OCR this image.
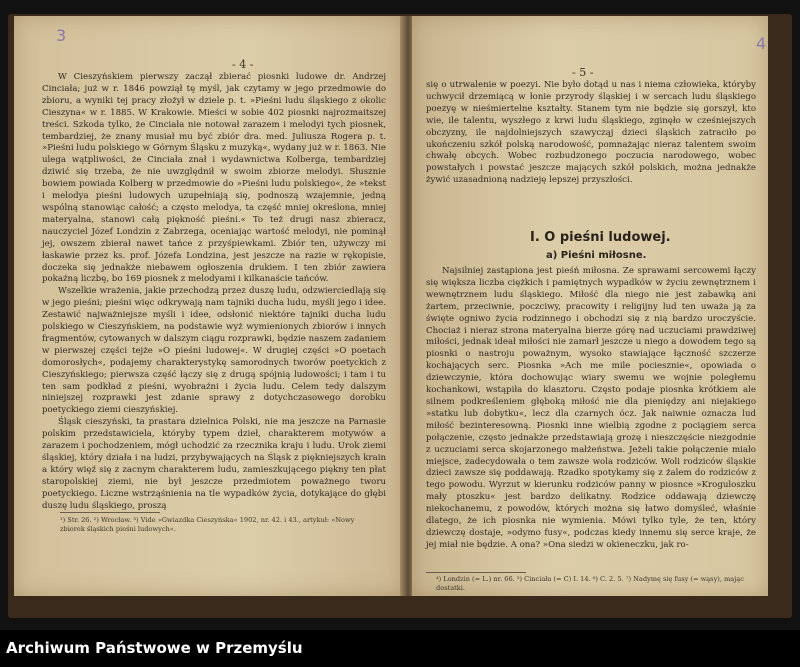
3
- 4 -

W Cieszyńskiem pierwszy zaczął zbierać piosnki ludowe dr. Andrzej Cinciała; już w r. 1846 powziął tę myśl, jak czytamy w jego przedmowie do zbioru, a wyniki tej pracy złożył w dziele p. t. »Pieśni ludu śląskiego z okolic Cieszyna« w r. 1885. W Krakowie. Mieści w sobie 402 piosnki najrozmaitszej treści. Szkoda tylko, że Cinciała nie notował zarazem i melodyi tych piosnek, tembardziej, że znany musiał mu być zbiór dra. med. Juliusza Rogera p. t. »Pieśni ludu polskiego w Górnym Śląsku z muzyką«, wydany już w r. 1863. Nie ulega wątpliwości, że Cinciała znał i wydawnictwa Kolberga, tembardziej dziwić się trzeba, że nie uwzględnił w swoim zbiorze melodyi. Słusznie bowiem powiada Kolberg w przedmowie do »Pieśni ludu polskiego«, że »tekst i melodya pieśni ludowych uzupełniają się, podnoszą wzajemnie, jedną wspólną stanowiąc całość; a często melodya, ta część mniej określona, mniej materyalna, stanowi całą piękność pieśni.« To też drugi nasz zbieracz, nauczyciel Józef Londzin z Zabrzega, oceniając wartość melodyi, nie pominął jej, owszem zbierał nawet tańce z przyśpiewkami. Zbiór ten, używczy mi łaskawie przez ks. prof. Józefa Londzina, jest jeszcze na razie w rękopisie, doczeka się jednakże niebawem ogłoszenia drukiem. I ten zbiór zawiera pokaźną liczbę, bo 169 piosnek z melodyami i kilkanaście tańców.

Wszelkie wrażenia, jakie przechodzą przez duszę ludu, odzwierciedlają się w jego pieśni; pieśni więc odkrywają nam tajniki ducha ludu, myśli jego i idee. Zestawić najważniejsze myśli i idee, odsłonić niektóre tajniki ducha ludu polskiego w Cieszyńskiem, na podstawie wyż wymienionych zbiorów i innych fragmentów, cytowanych w dalszym ciągu rozprawki, będzie naszem zadaniem w pierwszej części tejże »O pieśni ludowej«. W drugiej części »O poetach domorosłych«, podajemy charakterystykę samorodnych tworów poetyckich z Cieszyńskiego; pierwsza część łączy się z drugą spójnią ludowości; i tam i tu ten sam podkład z pieśni, wyobraźni i życia ludu. Celem tedy dalszym niniejszej rozprawki jest zdanie sprawy z dotychczasowego dorobku poetyckiego ziemi cieszyńskiej.

Śląsk cieszyński, ta prastara dzielnica Polski, nie ma jeszcze na Parnasie polskim przedstawiciela, któryby typem dzieł, charakterem motywów a zarazem i pochodzeniem, mógł uchodzić za rzecznika kraju i ludu. Urok ziemi śląskiej, który działa i na ludzi, przybywających na Śląsk z piękniejszych krain a który więź się z zacnym charakterem ludu, zamieszkującego piękny ten płat staropolskiej ziemi, nie był jeszcze przedmiotem poważnego tworu poetyckiego. Liczne wstrząśnienia na tle wypadków życia, dotykające do głębi duszę ludu śląskiego, proszą

¹) Str. 26. ²) Wrocław. ³) Vide »Gwiazdka Cieszyńska« 1902, nr. 42. i 43., artykuł: »Nowy zbiorek śląskich pieśni ludowych«.
4
- 5 -
się o utrwalenie w poezyi. Nie było dotąd u nas i niema człowieka, któryby uchwycił drzemiącą w łonie przyrody śląskiej i w sercach ludu śląskiego poezyę w nieśmiertelne kształty. Stanem tym nie będzie się gorszył, kto wie, ile talentu, wyszłego z krwi ludu śląskiego, zginęło w cześniejszych obczyzny, ile najdolniejszych szawycząj dzieci śląskich zatraciło po ukończeniu szkół polską narodowość, pomnażając nieraz talentem swoim chwałę obcych. Wobec rozbudzonego poczucia narodowego, wobec powstałych i powstać jeszcze mających szkół polskich, można jednakże żywić uzasadnioną nadzieję lepszej przyszłości.
I. O pieśni ludowej.
a) Pieśni miłosne.

Najsilniej zastąpiona jest pieśń miłosna. Ze sprawami sercowemi łączy się większa liczba ciężkich i pamiętnych wypadków w życiu zewnętrznem i wewnętrznem ludu śląskiego. Miłość dla niego nie jest zabawką ani żartem, przeciwnie, poczciwy, pracowity i religijny lud ten uważa ją za święte ogniwo życia rodzinnego i obchodzi się z nią bardzo uroczyście. Chociaż i nieraz strona materyalna bierze górę nad uczuciami prawdziwej miłości, jednak ideał miłości nie zamarł jeszcze u niego a dowodem tego są piosnki o nastroju poważnym, wysoko stawiające łączność szczerze kochających serc. Piosnka »Ach me mile pociesznie«, opowiada o dziewczynie, która dochowując wiary swemu we wojnie poległemu kochankowi, wstąpiła do klasztoru. Często podaje piosnka krótkiem ale silnem podkreśleniem głęboką miłość nie dla pieniędzy ani niejakiego »statku lub dobytku«, lecz dla czarnych ócz. Jak naiwnie oznacza lud miłość bezinteresowną. Piosnki inne wielbią zgodne z pociągiem serca połączenie, często jednakże przedstawiają grozę i nieszczęście niezgodnie z uczuciami serca skojarzonego małżeństwa. Jeżeli takie połączenie miało miejsce, zadecydowała o tem zawsze wola rodziców. Woli rodziców śląskie dzieci zawsze się poddawają. Rzadko spotykamy się z żalem do rodziców z tego powodu. Wyrzut w kierunku rodziców panny w piosnce »Kroguloszku mały ptoszku« jest bardzo delikatny. Rodzice oddawają dziewczę niekochanemu, z powodów, których można się łatwo domyśleć, właśnie dlatego, że ich piosnka nie wymienia. Mówi tylko tyle, że ten, który dziewczę dostaje, »odymo fusy«, podczas kiedy innemu się serce kraje, że jej miał nie będzie. A ona? »Ona siedzi w okieneczku, jak ro-

⁴) Londzin (= L.) nr. 66. ⁵) Cinciała (= C) I. 14. ⁶) C. 2. 5. ⁷) Nadymę się fusy (= wąsy), mając dostatki.
Archiwum Państwowe w Przemyślu
